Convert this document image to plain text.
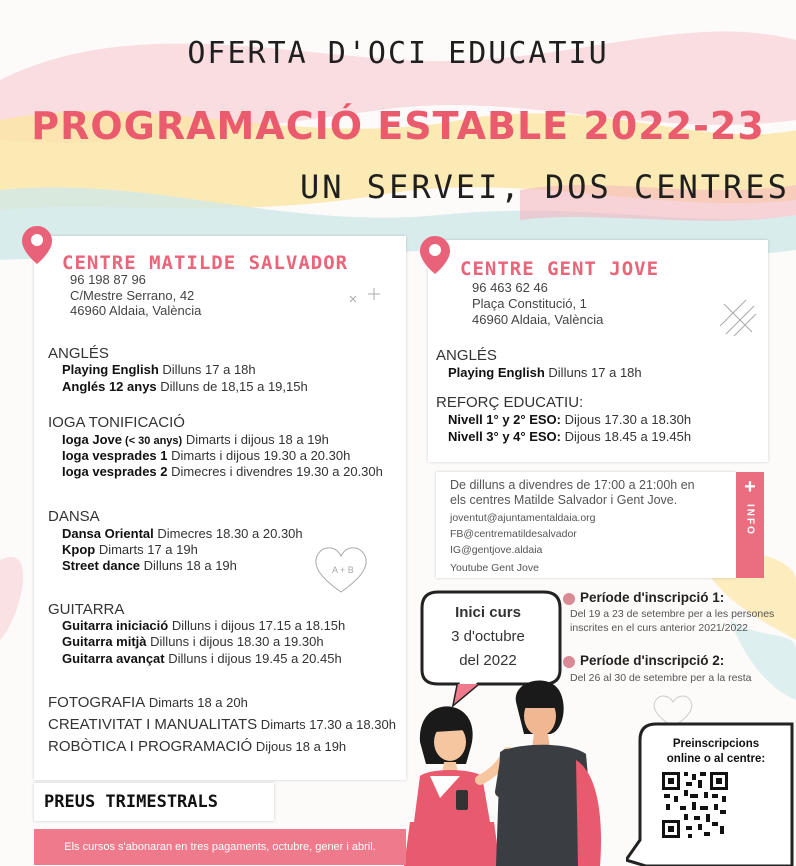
OFERTA D'OCI EDUCATIU
PROGRAMACIÓ ESTABLE 2022-23
UN SERVEI, DOS CENTRES
CENTRE MATILDE SALVADOR
96 198 87 96
C/Mestre Serrano, 42
46960 Aldaia, València
ANGLÉS
Playing English Dilluns 17 a 18h
Anglés 12 anys Dilluns de 18,15 a 19,15h
IOGA TONIFICACIÓ
Ioga Jove (< 30 anys) Dimarts i dijous 18 a 19h
Ioga vesprades 1 Dimarts i dijous 19.30 a 20.30h
Ioga vesprades 2 Dimecres i divendres 19.30 a 20.30h
DANSA
Dansa Oriental Dimecres 18.30 a 20.30h
Kpop Dimarts 17 a 19h
Street dance Dilluns 18 a 19h	A + B
GUITARRA
Guitarra iniciació Dilluns i dijous 17.15 a 18.15h
Guitarra mitjà Dilluns i dijous 18.30 a 19.30h
Guitarra avançat Dilluns i dijous 19.45 a 20.45h
FOTOGRAFIA Dimarts 18 a 20h
CREATIVITAT I MANUALITATS Dimarts 17.30 a 18.30h
ROBÒTICA I PROGRAMACIÓ Dijous 18 a 19h
CENTRE GENT JOVE
96 463 62 46
Plaça Constitució, 1
46960 Aldaia, València
ANGLÉS
Playing English Dilluns 17 a 18h
REFORÇ EDUCATIU:
Nivell 1° y 2° ESO: Dijous 17.30 a 18.30h
Nivell 3° y 4° ESO: Dijous 18.45 a 19.45h
De dilluns a divendres de 17:00 a 21:00h en
els centres Matilde Salvador i Gent Jove.
joventut@ajuntamentaldaia.org
FB@centrematildesalvador
IG@gentjove.aldaia
Youtube Gent Jove
+
INFO
Inici curs
3 d'octubre
del 2022
Període d'inscripció 1:
Del 19 a 23 de setembre per a les persones inscrites en el curs anterior 2021/2022
Període d'inscripció 2:
Del 26 al 30 de setembre per a la resta
Preinscripcions
online o al centre:
PREUS TRIMESTRALS
Els cursos s'abonaran en tres pagaments, octubre, gener i abril.
